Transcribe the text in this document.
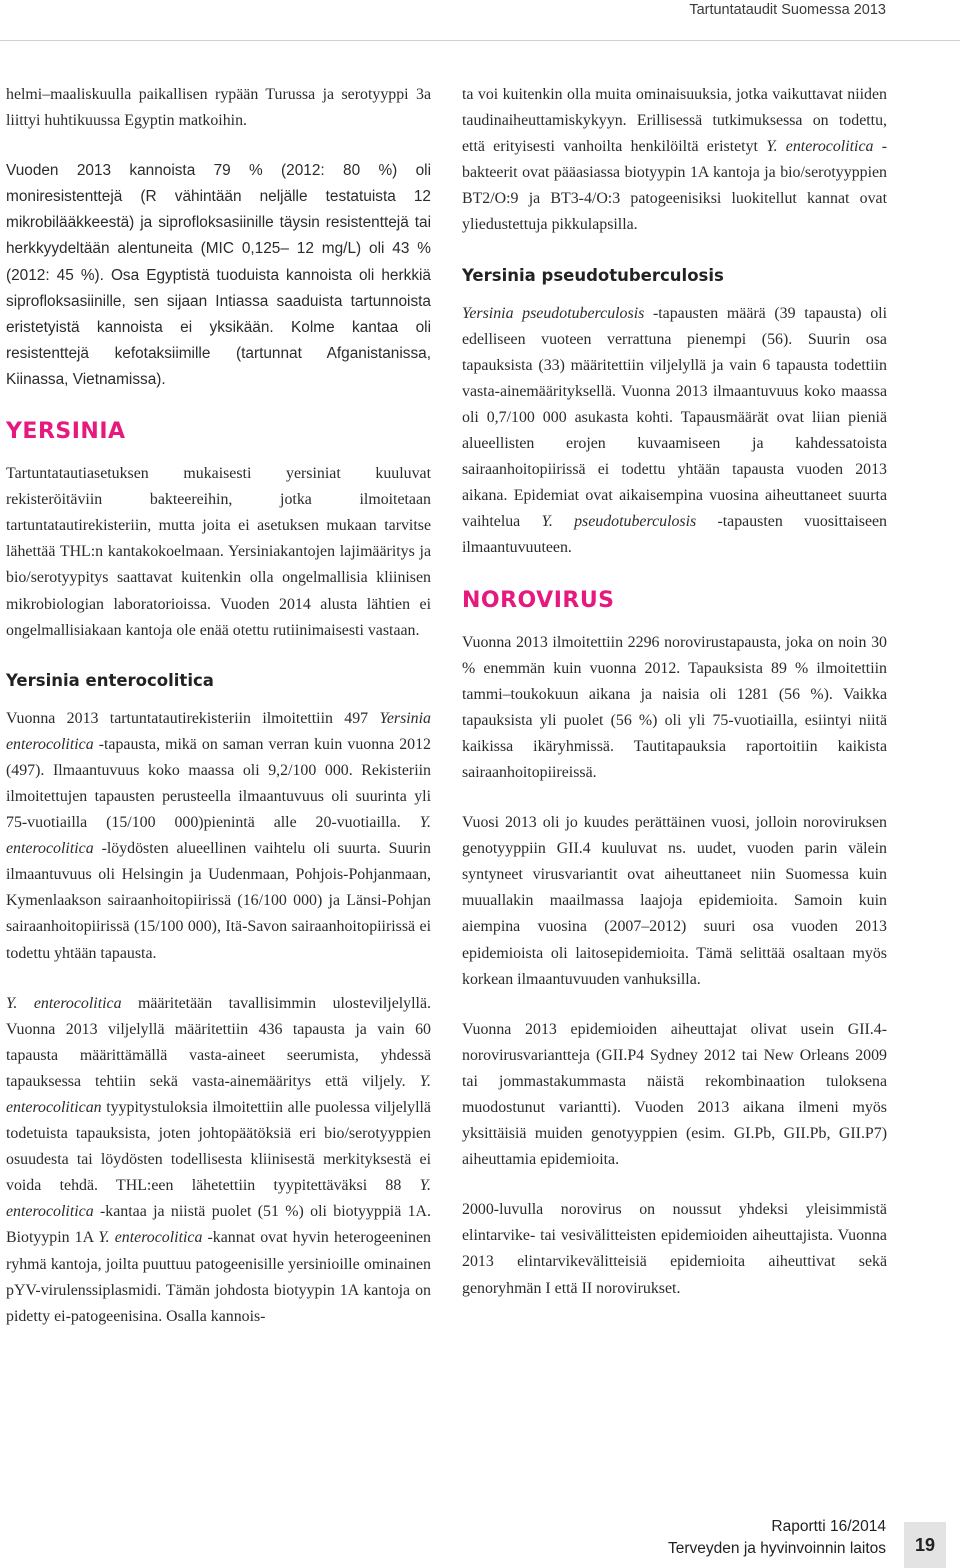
Tartuntataudit Suomessa 2013

helmi–maaliskuulla paikallisen rypään Turussa ja serotyyppi 3a liittyi huhtikuussa Egyptin matkoihin.

Vuoden 2013 kannoista 79 % (2012: 80 %) oli moniresistenttejä (R vähintään neljälle testatuista 12 mikrobilääkkeestä) ja siprofloksasiinille täysin resistenttejä tai herkkyydeltään alentuneita (MIC 0,125– 12 mg/L) oli 43 % (2012: 45 %). Osa Egyptistä tuoduista kannoista oli herkkiä siprofloksasiinille, sen sijaan Intiassa saaduista tartunnoista eristetyistä kannoista ei yksikään. Kolme kantaa oli resistenttejä kefotaksiimille (tartunnat Afganistanissa, Kiinassa, Vietnamissa).

YERSINIA

Tartuntatautiasetuksen mukaisesti yersiniat kuuluvat rekisteröitäviin bakteereihin, jotka ilmoitetaan tartuntatautirekisteriin, mutta joita ei asetuksen mukaan tarvitse lähettää THL:n kantakokoelmaan. Yersiniakantojen lajimääritys ja bio/serotyypitys saattavat kuitenkin olla ongelmallisia kliinisen mikrobiologian laboratorioissa. Vuoden 2014 alusta lähtien ei ongelmallisiakaan kantoja ole enää otettu rutiinimaisesti vastaan.

Yersinia enterocolitica

Vuonna 2013 tartuntatautirekisteriin ilmoitettiin 497 Yersinia enterocolitica -tapausta, mikä on saman verran kuin vuonna 2012 (497). Ilmaantuvuus koko maassa oli 9,2/100 000. Rekisteriin ilmoitettujen tapausten perusteella ilmaantuvuus oli suurinta yli 75-vuotiailla (15/100 000)pienintä alle 20-vuotiailla. Y. enterocolitica -löydösten alueellinen vaihtelu oli suurta. Suurin ilmaantuvuus oli Helsingin ja Uudenmaan, Pohjois-Pohjanmaan, Kymenlaakson sairaanhoitopiirissä (16/100 000) ja Länsi-Pohjan sairaanhoitopiirissä (15/100 000), Itä-Savon sairaanhoitopiirissä ei todettu yhtään tapausta.

Y. enterocolitica määritetään tavallisimmin ulosteviljelyllä. Vuonna 2013 viljelyllä määritettiin 436 tapausta ja vain 60 tapausta määrittämällä vasta-aineet seerumista, yhdessä tapauksessa tehtiin sekä vasta-ainemääritys että viljely. Y. enterocolitican tyypitystuloksia ilmoitettiin alle puolessa viljelyllä todetuista tapauksista, joten johtopäätöksiä eri bio/serotyyppien osuudesta tai löydösten todellisesta kliinisestä merkityksestä ei voida tehdä. THL:een lähetettiin tyypitettäväksi 88 Y. enterocolitica -kantaa ja niistä puolet (51 %) oli biotyyppiä 1A. Biotyypin 1A Y. enterocolitica -kannat ovat hyvin heterogeeninen ryhmä kantoja, joilta puuttuu patogeenisille yersinioille ominainen pYV-virulenssiplasmidi. Tämän johdosta biotyypin 1A kantoja on pidetty ei-patogeenisina. Osalla kannois-

ta voi kuitenkin olla muita ominaisuuksia, jotka vaikuttavat niiden taudinaiheuttamiskykyyn. Erillisessä tutkimuksessa on todettu, että erityisesti vanhoilta henkilöiltä eristetyt Y. enterocolitica -bakteerit ovat pääasiassa biotyypin 1A kantoja ja bio/serotyyppien BT2/O:9 ja BT3-4/O:3 patogeenisiksi luokitellut kannat ovat yliedustettuja pikkulapsilla.

Yersinia pseudotuberculosis

Yersinia pseudotuberculosis -tapausten määrä (39 tapausta) oli edelliseen vuoteen verrattuna pienempi (56). Suurin osa tapauksista (33) määritettiin viljelyllä ja vain 6 tapausta todettiin vasta-ainemäärityksellä. Vuonna 2013 ilmaantuvuus koko maassa oli 0,7/100 000 asukasta kohti. Tapausmäärät ovat liian pieniä alueellisten erojen kuvaamiseen ja kahdessatoista sairaanhoitopiirissä ei todettu yhtään tapausta vuoden 2013 aikana. Epidemiat ovat aikaisempina vuosina aiheuttaneet suurta vaihtelua Y. pseudotuberculosis -tapausten vuosittaiseen ilmaantuvuuteen.

NOROVIRUS

Vuonna 2013 ilmoitettiin 2296 norovirustapausta, joka on noin 30 % enemmän kuin vuonna 2012. Tapauksista 89 % ilmoitettiin tammi–toukokuun aikana ja naisia oli 1281 (56 %). Vaikka tapauksista yli puolet (56 %) oli yli 75-vuotiailla, esiintyi niitä kaikissa ikäryhmissä. Tautitapauksia raportoitiin kaikista sairaanhoitopiireissä.

Vuosi 2013 oli jo kuudes perättäinen vuosi, jolloin noroviruksen genotyyppiin GII.4 kuuluvat ns. uudet, vuoden parin välein syntyneet virusvariantit ovat aiheuttaneet niin Suomessa kuin muuallakin maailmassa laajoja epidemioita. Samoin kuin aiempina vuosina (2007–2012) suuri osa vuoden 2013 epidemioista oli laitosepidemioita. Tämä selittää osaltaan myös korkean ilmaantuvuuden vanhuksilla.

Vuonna 2013 epidemioiden aiheuttajat olivat usein GII.4-norovirusvarianttеja (GII.P4 Sydney 2012 tai New Orleans 2009 tai jommastakummasta näistä rekombinaation tuloksena muodostunut variantti). Vuoden 2013 aikana ilmeni myös yksittäisiä muiden genotyyppien (esim. GI.Pb, GII.Pb, GII.P7) aiheuttamia epidemioita.

2000-luvulla norovirus on noussut yhdeksi yleisimmistä elintarvike- tai vesivälitteisten epidemioiden aiheuttajista. Vuonna 2013 elintarvikevälitteisiä epidemioita aiheuttivat sekä genoryhmän I että II norovirukset.

Raportti 16/2014
Terveyden ja hyvinvoinnin laitos	19
